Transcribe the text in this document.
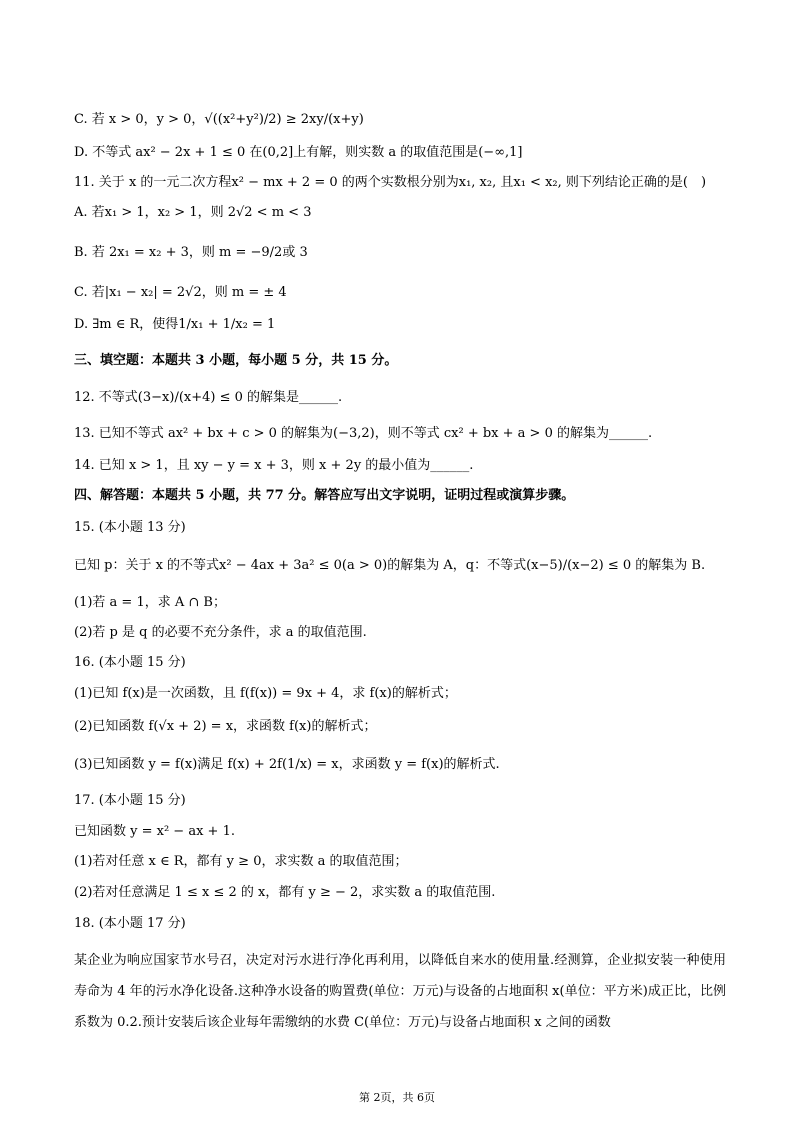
C. 若 x > 0，y > 0，√((x²+y²)/2) ≥ 2xy/(x+y)
D. 不等式 ax² − 2x + 1 ≤ 0 在(0,2]上有解，则实数 a 的取值范围是(−∞,1]
11. 关于 x 的一元二次方程x² − mx + 2 = 0 的两个实数根分别为x₁, x₂, 且x₁ < x₂, 则下列结论正确的是(　)
A. 若x₁ > 1，x₂ > 1，则 2√2 < m < 3
B. 若 2x₁ = x₂ + 3，则 m = −9/2或 3
C. 若|x₁ − x₂| = 2√2，则 m = ± 4
D. ∃m ∈ R，使得1/x₁ + 1/x₂ = 1
三、填空题：本题共 3 小题，每小题 5 分，共 15 分。
12. 不等式(3−x)/(x+4) ≤ 0 的解集是______.
13. 已知不等式 ax² + bx + c > 0 的解集为(−3,2)，则不等式 cx² + bx + a > 0 的解集为______.
14. 已知 x > 1，且 xy − y = x + 3，则 x + 2y 的最小值为______.
四、解答题：本题共 5 小题，共 77 分。解答应写出文字说明，证明过程或演算步骤。
15. (本小题 13 分)
已知 p：关于 x 的不等式x² − 4ax + 3a² ≤ 0(a > 0)的解集为 A，q：不等式(x−5)/(x−2) ≤ 0 的解集为 B.
(1)若 a = 1，求 A ∩ B；
(2)若 p 是 q 的必要不充分条件，求 a 的取值范围.
16. (本小题 15 分)
(1)已知 f(x)是一次函数，且 f(f(x)) = 9x + 4，求 f(x)的解析式；
(2)已知函数 f(√x + 2) = x，求函数 f(x)的解析式；
(3)已知函数 y = f(x)满足 f(x) + 2f(1/x) = x，求函数 y = f(x)的解析式.
17. (本小题 15 分)
已知函数 y = x² − ax + 1.
(1)若对任意 x ∈ R，都有 y ≥ 0，求实数 a 的取值范围；
(2)若对任意满足 1 ≤ x ≤ 2 的 x，都有 y ≥ − 2，求实数 a 的取值范围.
18. (本小题 17 分)
某企业为响应国家节水号召，决定对污水进行净化再利用，以降低自来水的使用量.经测算，企业拟安装一种使用寿命为 4 年的污水净化设备.这种净水设备的购置费(单位：万元)与设备的占地面积 x(单位：平方米)成正比，比例系数为 0.2.预计安装后该企业每年需缴纳的水费 C(单位：万元)与设备占地面积 x 之间的函数
第 2页，共 6页
